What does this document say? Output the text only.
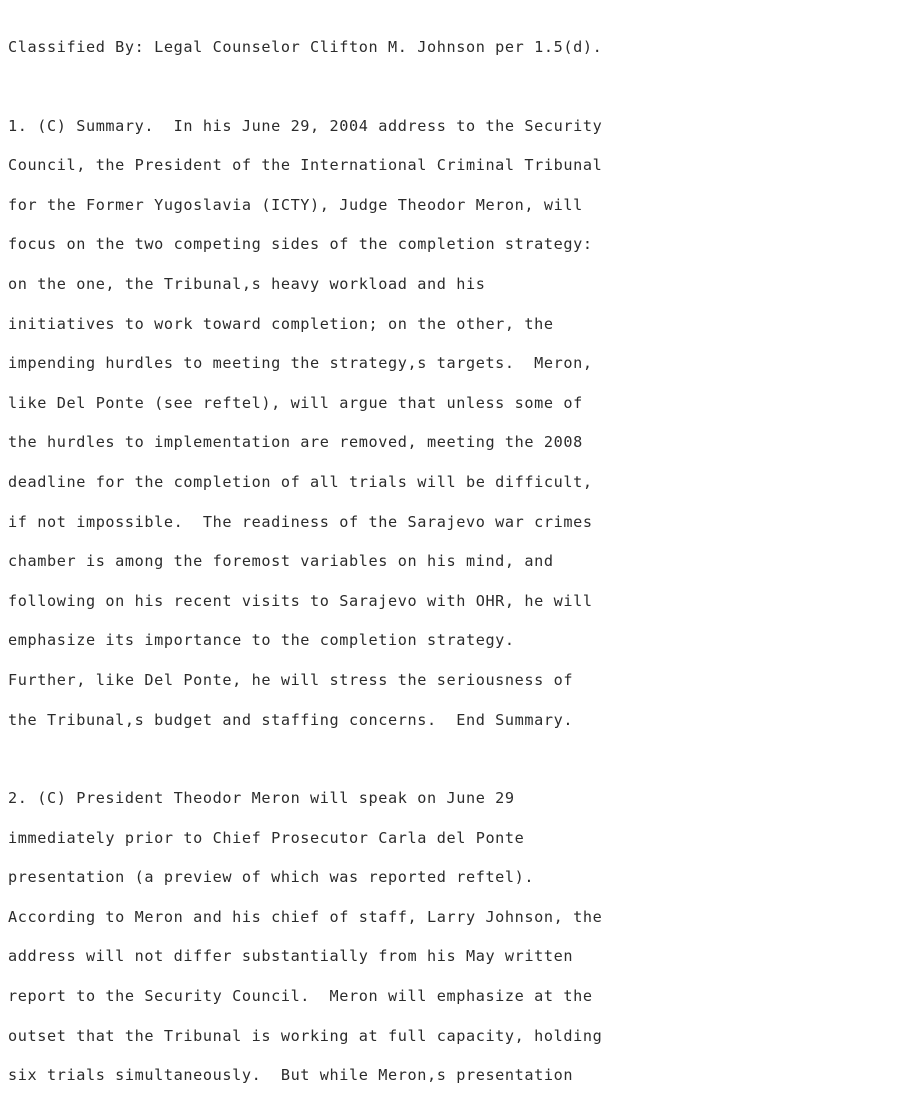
Classified By: Legal Counselor Clifton M. Johnson per 1.5(d).
1. (C) Summary.  In his June 29, 2004 address to the Security
Council, the President of the International Criminal Tribunal
for the Former Yugoslavia (ICTY), Judge Theodor Meron, will
focus on the two competing sides of the completion strategy:
on the one, the Tribunal,s heavy workload and his
initiatives to work toward completion; on the other, the
impending hurdles to meeting the strategy,s targets.  Meron,
like Del Ponte (see reftel), will argue that unless some of
the hurdles to implementation are removed, meeting the 2008
deadline for the completion of all trials will be difficult,
if not impossible.  The readiness of the Sarajevo war crimes
chamber is among the foremost variables on his mind, and
following on his recent visits to Sarajevo with OHR, he will
emphasize its importance to the completion strategy.
Further, like Del Ponte, he will stress the seriousness of
the Tribunal,s budget and staffing concerns.  End Summary.
2. (C) President Theodor Meron will speak on June 29
immediately prior to Chief Prosecutor Carla del Ponte
presentation (a preview of which was reported reftel).
According to Meron and his chief of staff, Larry Johnson, the
address will not differ substantially from his May written
report to the Security Council.  Meron will emphasize at the
outset that the Tribunal is working at full capacity, holding
six trials simultaneously.  But while Meron,s presentation
